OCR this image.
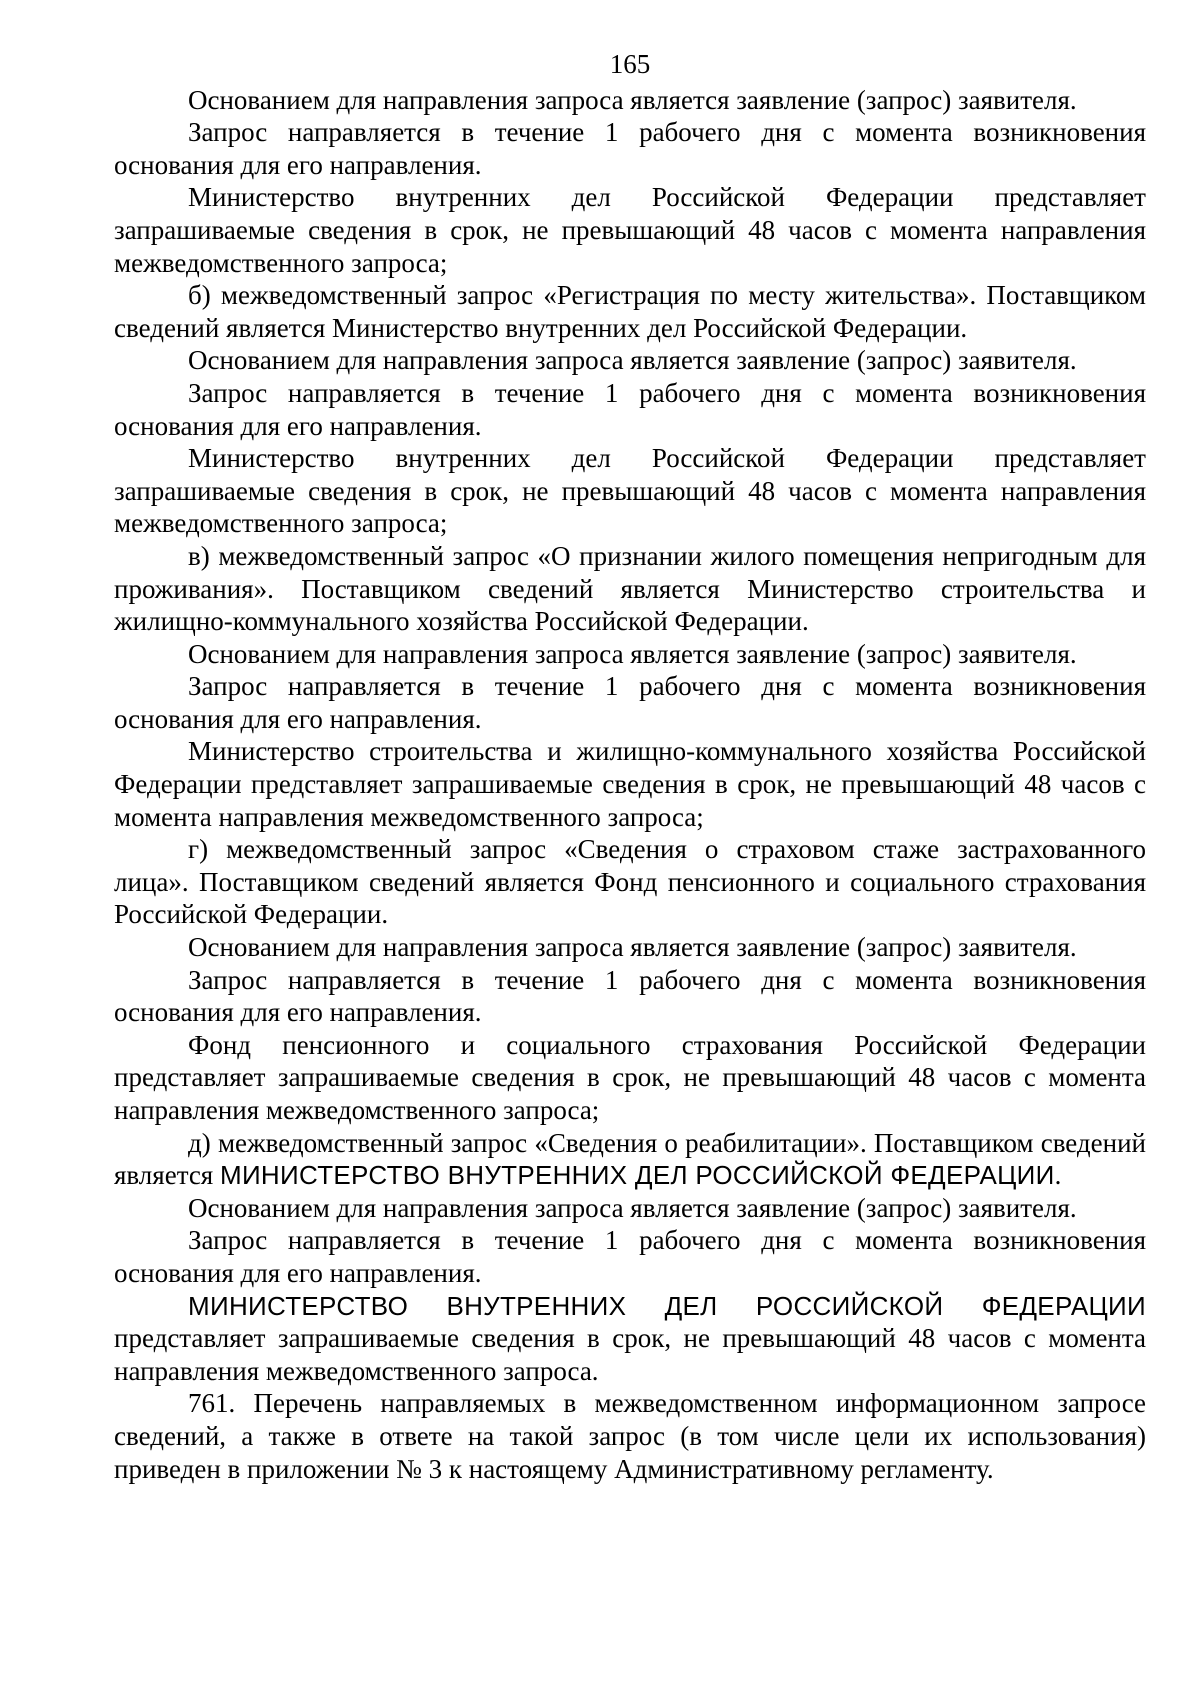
165

Основанием для направления запроса является заявление (запрос) заявителя.

Запрос направляется в течение 1 рабочего дня с момента возникновения основания для его направления.

Министерство внутренних дел Российской Федерации представляет запрашиваемые сведения в срок, не превышающий 48 часов с момента направления межведомственного запроса;

б) межведомственный запрос «Регистрация по месту жительства». Поставщиком сведений является Министерство внутренних дел Российской Федерации.

Основанием для направления запроса является заявление (запрос) заявителя.

Запрос направляется в течение 1 рабочего дня с момента возникновения основания для его направления.

Министерство внутренних дел Российской Федерации представляет запрашиваемые сведения в срок, не превышающий 48 часов с момента направления межведомственного запроса;

в) межведомственный запрос «О признании жилого помещения непригодным для проживания». Поставщиком сведений является Министерство строительства и жилищно-коммунального хозяйства Российской Федерации.

Основанием для направления запроса является заявление (запрос) заявителя.

Запрос направляется в течение 1 рабочего дня с момента возникновения основания для его направления.

Министерство строительства и жилищно-коммунального хозяйства Российской Федерации представляет запрашиваемые сведения в срок, не превышающий 48 часов с момента направления межведомственного запроса;

г) межведомственный запрос «Сведения о страховом стаже застрахованного лица». Поставщиком сведений является Фонд пенсионного и социального страхования Российской Федерации.

Основанием для направления запроса является заявление (запрос) заявителя.

Запрос направляется в течение 1 рабочего дня с момента возникновения основания для его направления.

Фонд пенсионного и социального страхования Российской Федерации представляет запрашиваемые сведения в срок, не превышающий 48 часов с момента направления межведомственного запроса;

д) межведомственный запрос «Сведения о реабилитации». Поставщиком сведений является МИНИСТЕРСТВО ВНУТРЕННИХ ДЕЛ РОССИЙСКОЙ ФЕДЕРАЦИИ.

Основанием для направления запроса является заявление (запрос) заявителя.

Запрос направляется в течение 1 рабочего дня с момента возникновения основания для его направления.

МИНИСТЕРСТВО ВНУТРЕННИХ ДЕЛ РОССИЙСКОЙ ФЕДЕРАЦИИ представляет запрашиваемые сведения в срок, не превышающий 48 часов с момента направления межведомственного запроса.

761. Перечень направляемых в межведомственном информационном запросе сведений, а также в ответе на такой запрос (в том числе цели их использования) приведен в приложении № 3 к настоящему Административному регламенту.
